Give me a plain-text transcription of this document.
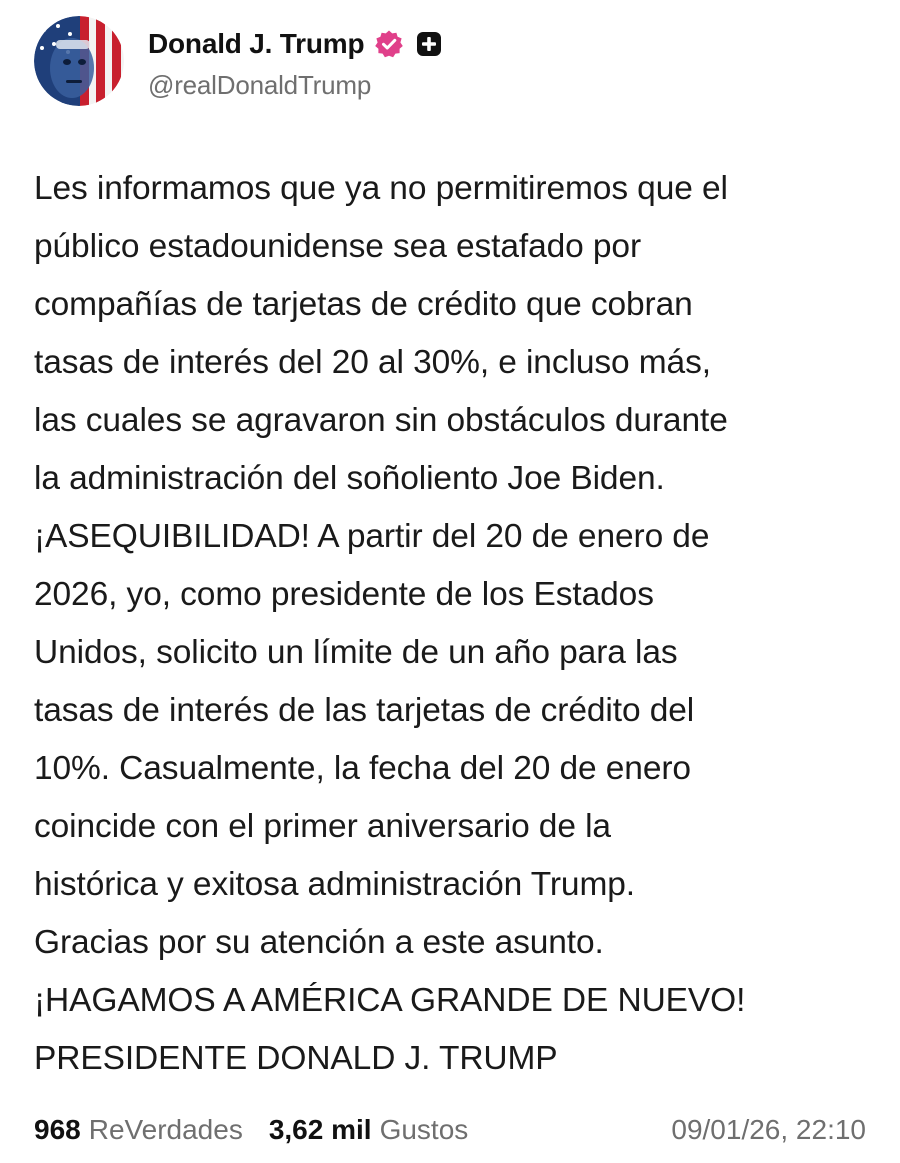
Donald J. Trump
@realDonaldTrump
Les informamos que ya no permitiremos que el
público estadounidense sea estafado por
compañías de tarjetas de crédito que cobran
tasas de interés del 20 al 30%, e incluso más,
las cuales se agravaron sin obstáculos durante
la administración del soñoliento Joe Biden.
¡ASEQUIBILIDAD! A partir del 20 de enero de
2026, yo, como presidente de los Estados
Unidos, solicito un límite de un año para las
tasas de interés de las tarjetas de crédito del
10%. Casualmente, la fecha del 20 de enero
coincide con el primer aniversario de la
histórica y exitosa administración Trump.
Gracias por su atención a este asunto.
¡HAGAMOS A AMÉRICA GRANDE DE NUEVO!
PRESIDENTE DONALD J. TRUMP
968 ReVerdades 3,62 mil Gustos	09/01/26, 22:10
